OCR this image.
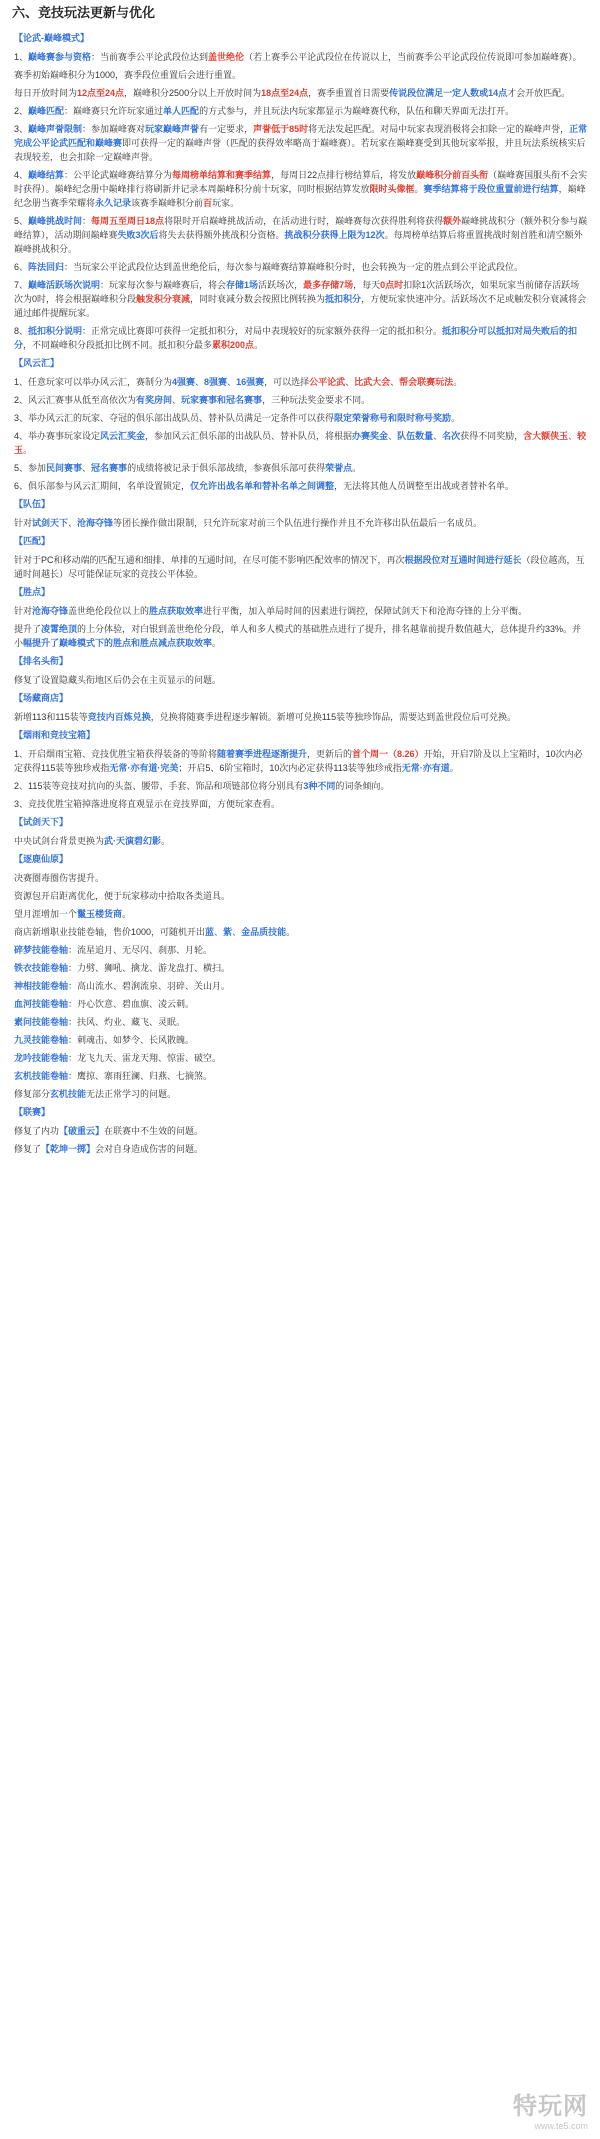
六、竞技玩法更新与优化
【论武-巅峰模式】
1、巅峰赛参与资格：当前赛季公平论武段位达到盖世绝伦（若上赛季公平论武段位在传说以上，当前赛季公平论武段位传说即可参加巅峰赛）。
赛季初始巅峰积分为1000，赛季段位重置后会进行重置。
每日开放时间为12点至24点，巅峰积分2500分以上开放时间为18点至24点，赛季重置首日需要传说段位满足一定人数或14点才会开放匹配。
2、巅峰匹配：巅峰赛只允许玩家通过单人匹配的方式参与，并且玩法内玩家都显示为巅峰赛代称，队伍和聊天界面无法打开。
3、巅峰声誉限制：参加巅峰赛对玩家巅峰声誉有一定要求，声誉低于85时将无法发起匹配。对局中玩家表现消极将会扣除一定的巅峰声誉，正常完成公平论武匹配和巅峰赛即可获得一定的巅峰声誉（匹配的获得效率略高于巅峰赛）。若玩家在巅峰赛受到其他玩家举报，并且玩法系统核实后表现较差，也会扣除一定巅峰声誉。
4、巅峰结算：公平论武巅峰赛结算分为每周榜单结算和赛季结算，每周日22点排行榜结算后，将发放巅峰积分前百头衔（巅峰赛国服头衔不会实时获得）。巅峰纪念册中巅峰排行将刷新并记录本周巅峰积分前十玩家，同时根据结算发放限时头像框。赛季结算将于段位重置前进行结算，巅峰纪念册当赛季荣耀将永久记录该赛季巅峰积分前百玩家。
5、巅峰挑战时间：每周五至周日18点将限时开启巅峰挑战活动，在活动进行时，巅峰赛每次获得胜利将获得额外巅峰挑战积分（额外积分参与巅峰结算），活动期间巅峰赛失败3次后将失去获得额外挑战积分资格。挑战积分获得上限为12次。每周榜单结算后将重置挑战时刻首胜和清空额外巅峰挑战积分。
6、阵法回归：当玩家公平论武段位达到盖世绝伦后，每次参与巅峰赛结算巅峰积分时，也会转换为一定的胜点到公平论武段位。
7、巅峰活跃场次说明：玩家每次参与巅峰赛后，将会存储1场活跃场次，最多存储7场，每天0点时扣除1次活跃场次，如果玩家当前储存活跃场次为0时，将会根据巅峰积分段触发积分衰减，同时衰减分数会按照比例转换为抵扣积分，方便玩家快速冲分。活跃场次不足或触发积分衰减将会通过邮件提醒玩家。
8、抵扣积分说明：正常完成比赛即可获得一定抵扣积分，对局中表现较好的玩家额外获得一定的抵扣积分。抵扣积分可以抵扣对局失败后的扣分，不同巅峰积分段抵扣比例不同。抵扣积分最多累积200点。
【风云汇】
1、任意玩家可以举办风云汇，赛制分为4强赛、8强赛、16强赛，可以选择公平论武、比武大会、帮会联赛玩法。
2、风云汇赛事从低至高依次为有奖房间、玩家赛事和冠名赛事，三种玩法奖金要求不同。
3、举办风云汇的玩家、夺冠的俱乐部出战队员、替补队员满足一定条件可以获得限定荣誉称号和限时称号奖励。
4、举办赛事玩家设定风云汇奖金，参加风云汇俱乐部的出战队员、替补队员，将根据办赛奖金、队伍数量、名次获得不同奖励，含大额侠玉、较玉。
5、参加民间赛事、冠名赛事的成绩将被记录于俱乐部战绩，参赛俱乐部可获得荣誉点。
6、俱乐部参与风云汇期间，名单设置锁定，仅允许出战名单和替补名单之间调整，无法将其他人员调整至出战或者替补名单。
【队伍】
针对试剑天下、沧海夺锋等团长操作做出限制，只允许玩家对前三个队伍进行操作并且不允许移出队伍最后一名成员。
【匹配】
针对于PC和移动端的匹配互通和细排、单排的互通时间，在尽可能不影响匹配效率的情况下，再次根据段位对互通时间进行延长（段位越高，互通时间越长）尽可能保证玩家的竞技公平体验。
【胜点】
针对沧海夺锋盖世绝伦段位以上的胜点获取效率进行平衡，加入单局时间的因素进行调控，保障试剑天下和沧海夺锋的上分平衡。
提升了凌霄绝顶的上分体验，对白银到盖世绝伦分段，单人和多人模式的基础胜点进行了提升，排名越靠前提升数值越大，总体提升约33%。并小幅提升了巅峰模式下的胜点和胜点减点获取效率。
【排名头衔】
修复了设置隐藏头衔地区后仍会在主页显示的问题。
【场藏商店】
新增113和115装等竞技内百炼兑换，兑换将随赛季进程逐步解锁。新增可兑换115装等独珍饰品，需要达到盖世段位后可兑换。
【烟雨和竞技宝箱】
1、开启烟雨宝箱、竞技优胜宝箱获得装备的等阶将随着赛季进程逐渐提升，更新后的首个周一（8.26）开始，开启7阶及以上宝箱时，10次内必定获得115装等独珍戒指无常·亦有道·完美；开启5、6阶宝箱时，10次内必定获得113装等独珍戒指无常·亦有道。
2、115装等竞技对抗向的头盔、腰带、手套、饰品和项链部位将分别具有3种不同的词条倾向。
3、竞技优胜宝箱掉落进度将直观显示在竞技界面，方便玩家查看。
【试剑天下】
中央试剑台背景更换为武·天演碧幻影。
【逐鹿仙原】
决赛圈毒圈伤害提升。
资源包开启距离优化，便于玩家移动中拾取各类道具。
望月涯增加一个鬣玉楼货商。
商店新增职业技能卷轴，售价1000，可随机开出蓝、紫、金品质技能。
碎梦技能卷轴：流星追月、无尽闪、刹那、月轮。
铁衣技能卷轴：力劈、狮吼、擒龙、游龙盘打、横扫。
神相技能卷轴：高山流水、碧涧流泉、羽碎、关山月。
血河技能卷轴：丹心饮意、碧血旗、凌云刺。
素问技能卷轴：扶风、灼业、藏飞、灵眠。
九灵技能卷轴：刺魂击、如梦令、长风散魄。
龙吟技能卷轴：龙飞九天、雷龙天翔、惊雷、破空。
玄机技能卷轴：鹰掠、寨雨狂澜、归燕、七摘煞。
修复部分玄机技能无法正常学习的问题。
【联赛】
修复了内功【破重云】在联赛中不生效的问题。
修复了【乾坤一掷】会对自身造成伤害的问题。
特玩网
www.te5.com
